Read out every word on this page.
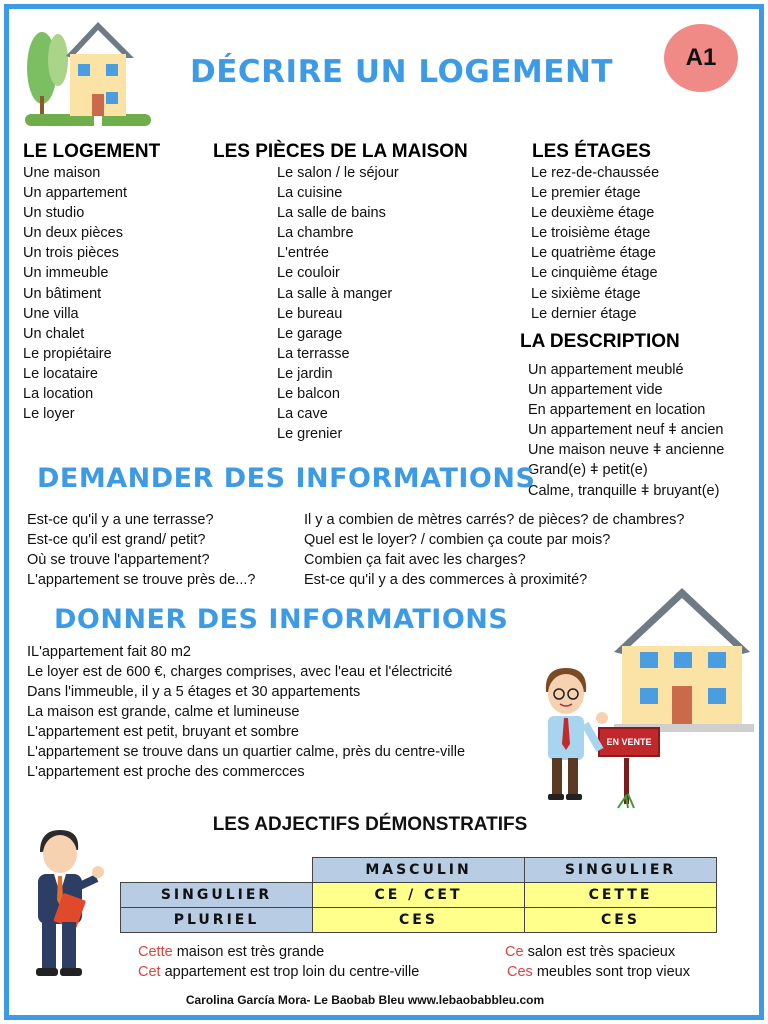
DÉCRIRE UN LOGEMENT	A1
LE LOGEMENT	LES PIÈCES DE LA MAISON	LES ÉTAGES
Une maison
Un appartement
Un studio
Un deux pièces
Un trois pièces
Un immeuble
Un bâtiment
Une villa
Un chalet
Le propiétaire
Le locataire
La location
Le loyer
Le salon / le séjour
La cuisine
La salle de bains
La chambre
L'entrée
Le couloir
La salle à manger
Le bureau
Le garage
La terrasse
Le jardin
Le balcon
La cave
Le grenier
Le rez-de-chaussée
Le premier étage
Le deuxième étage
Le troisième étage
Le quatrième étage
Le cinquième étage
Le sixième étage
Le dernier étage
LA DESCRIPTION
Un appartement meublé
Un appartement vide
En appartement en location
Un appartement neuf ǂ ancien
Une maison neuve ǂ ancienne
Grand(e) ǂ petit(e)
Calme, tranquille ǂ bruyant(e)
DEMANDER DES INFORMATIONS
Est-ce qu'il y a une terrasse?
Est-ce qu'il est grand/ petit?
Où se trouve l'appartement?
L'appartement se trouve près de...?
Il y a combien de mètres carrés? de pièces? de chambres?
Quel est le loyer? / combien ça coute par mois?
Combien ça fait avec les charges?
Est-ce qu'il y a des commerces à proximité?
DONNER DES INFORMATIONS
IL'appartement fait 80 m2
Le loyer est de 600 €, charges comprises, avec l'eau et l'électricité
Dans l'immeuble, il y a 5 étages et 30 appartements
La maison est grande, calme et lumineuse
L'appartement est petit, bruyant et sombre
L'appartement se trouve dans un quartier calme, près du centre-ville
L'appartement est proche des commercces
EN VENTE
LES ADJECTIFS DÉMONSTRATIFS
	MASCULIN	SINGULIER
SINGULIER	CE / CET	CETTE
PLURIEL	CES	CES
Cette maison est très grande
Cet appartement est trop loin du centre-ville
Ce salon est très spacieux
Ces meubles sont trop vieux
Carolina García Mora- Le Baobab Bleu www.lebaobabbleu.com
